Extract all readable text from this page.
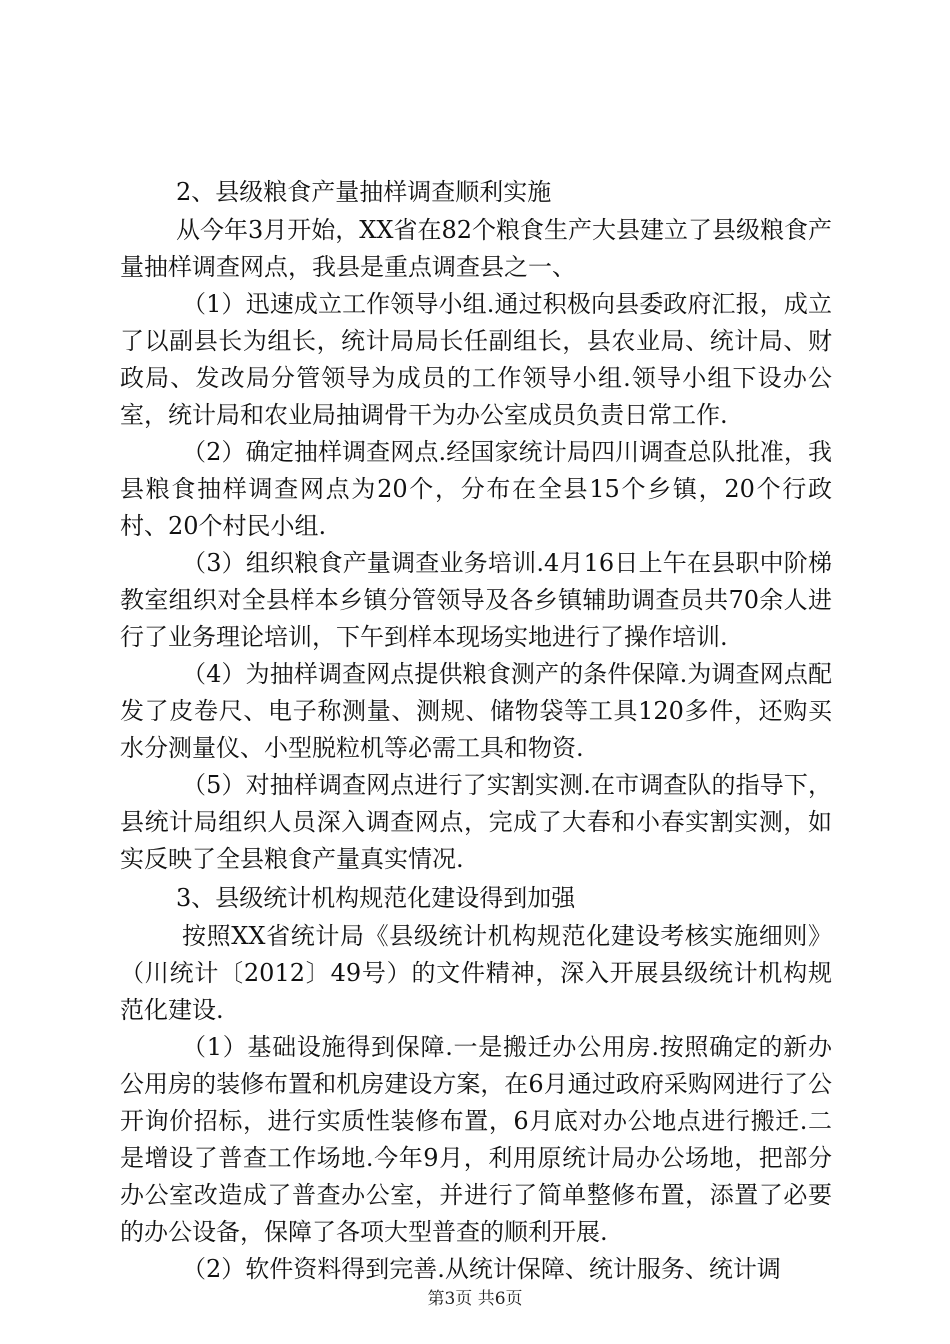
2、县级粮食产量抽样调查顺利实施

从今年3月开始，XX省在82个粮食生产大县建立了县级粮食产量抽样调查网点，我县是重点调查县之一、

（1）迅速成立工作领导小组.通过积极向县委政府汇报，成立了以副县长为组长，统计局局长任副组长，县农业局、统计局、财政局、发改局分管领导为成员的工作领导小组.领导小组下设办公室，统计局和农业局抽调骨干为办公室成员负责日常工作.

（2）确定抽样调查网点.经国家统计局四川调查总队批准，我县粮食抽样调查网点为20个，分布在全县15个乡镇，20个行政村、20个村民小组.

（3）组织粮食产量调查业务培训.4月16日上午在县职中阶梯教室组织对全县样本乡镇分管领导及各乡镇辅助调查员共70余人进行了业务理论培训，下午到样本现场实地进行了操作培训.

（4）为抽样调查网点提供粮食测产的条件保障.为调查网点配发了皮卷尺、电子称测量、测规、储物袋等工具120多件，还购买水分测量仪、小型脱粒机等必需工具和物资.

（5）对抽样调查网点进行了实割实测.在市调查队的指导下，县统计局组织人员深入调查网点，完成了大春和小春实割实测，如实反映了全县粮食产量真实情况.

3、县级统计机构规范化建设得到加强

按照XX省统计局《县级统计机构规范化建设考核实施细则》（川统计〔2012〕49号）的文件精神，深入开展县级统计机构规范化建设.

（1）基础设施得到保障.一是搬迁办公用房.按照确定的新办公用房的装修布置和机房建设方案，在6月通过政府采购网进行了公开询价招标，进行实质性装修布置，6月底对办公地点进行搬迁.二是增设了普查工作场地.今年9月，利用原统计局办公场地，把部分办公室改造成了普查办公室，并进行了简单整修布置，添置了必要的办公设备，保障了各项大型普查的顺利开展.

（2）软件资料得到完善.从统计保障、统计服务、统计调

第3页 共6页
